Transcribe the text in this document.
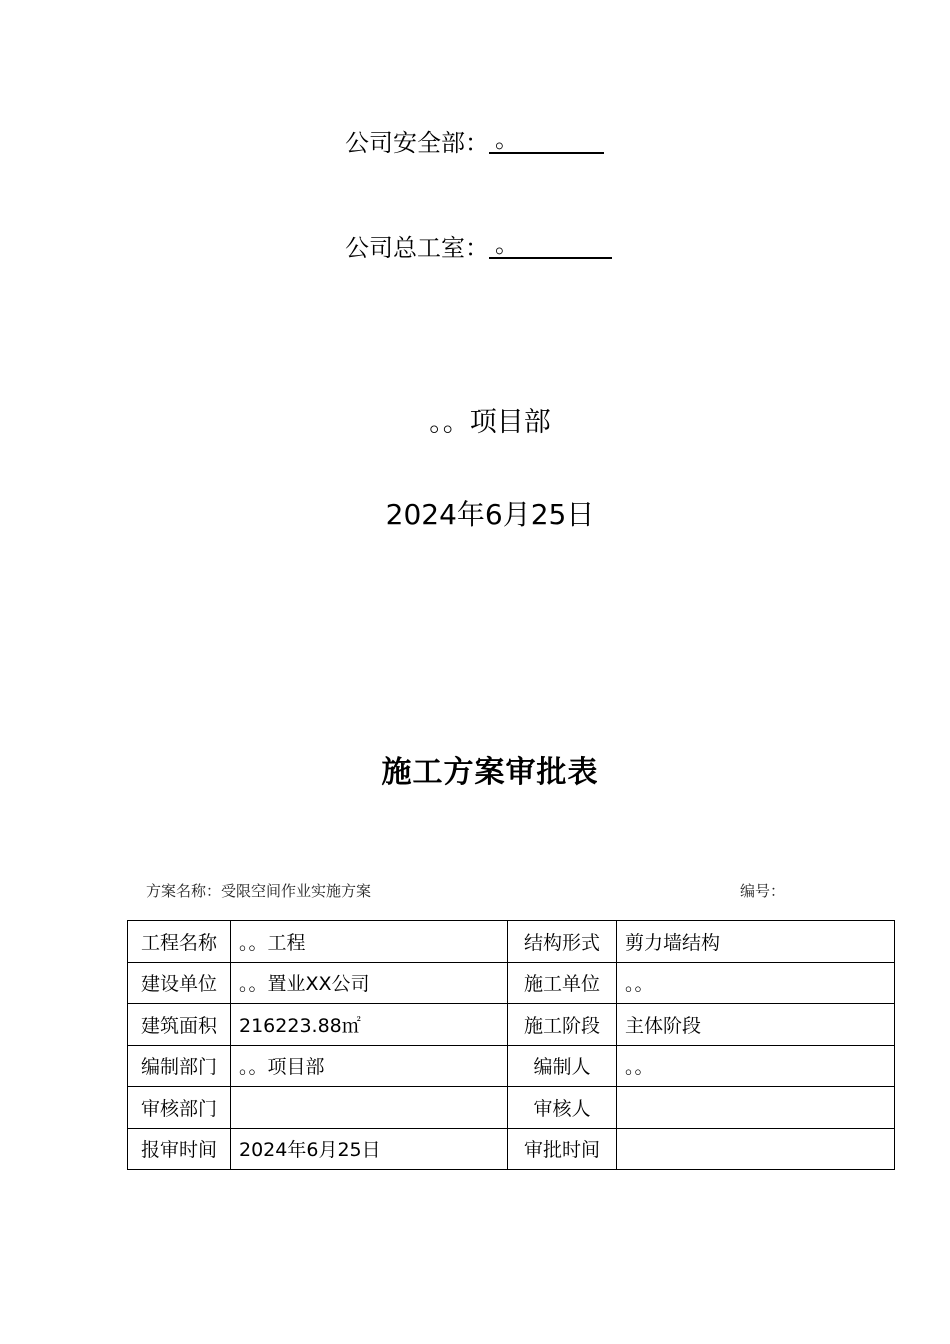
公司安全部： 。
公司总工室： 。
。。项目部
2024年6月25日
施工方案审批表
方案名称：受限空间作业实施方案	编号：
工程名称	。。工程	结构形式	剪力墙结构
建设单位	。。置业XX公司	施工单位	。。
建筑面积	216223.88㎡	施工阶段	主体阶段
编制部门	。。项目部	编制人	。。
审核部门		审核人	
报审时间	2024年6月25日	审批时间	
